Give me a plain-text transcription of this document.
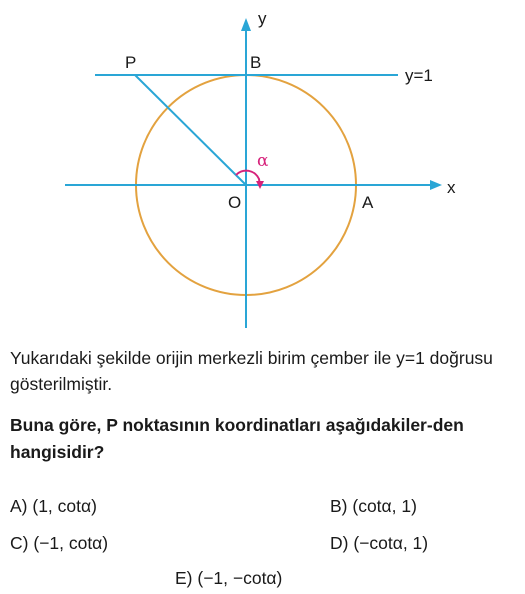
y
x
P	B
O	A
y=1
α

Yukarıdaki şekilde orijin merkezli birim çember ile y=1 doğrusu gösterilmiştir.

Buna göre, P noktasının koordinatları aşağıdakiler-den hangisidir?

A) (1, cotα)	B) (cotα, 1)
C) (−1, cotα)	D) (−cotα, 1)
E) (−1, −cotα)
